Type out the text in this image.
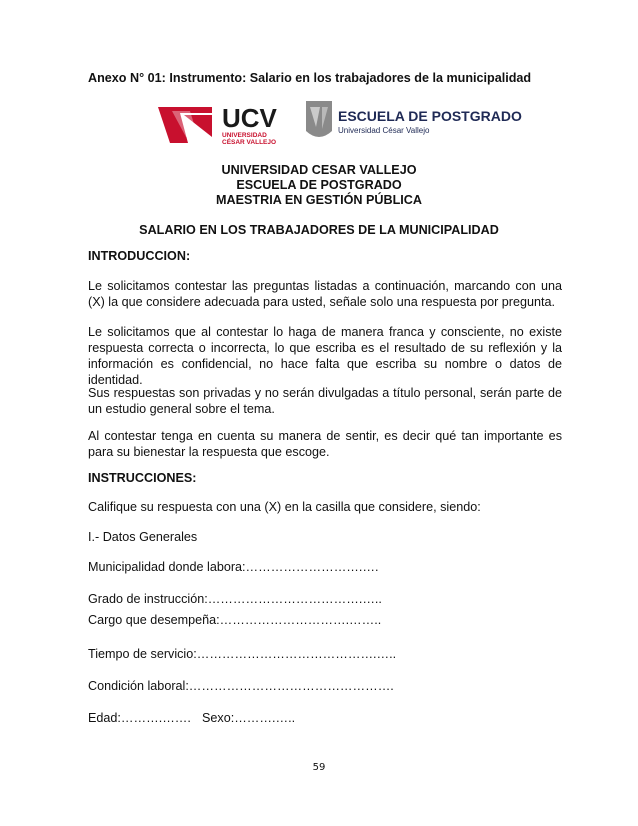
Anexo N° 01: Instrumento: Salario en los trabajadores de la municipalidad
UCV
UNIVERSIDAD
CÉSAR VALLEJO
ESCUELA DE POSTGRADO
Universidad César Vallejo
UNIVERSIDAD CESAR VALLEJO
ESCUELA DE POSTGRADO
MAESTRIA EN GESTIÓN PÚBLICA
SALARIO EN LOS TRABAJADORES DE LA MUNICIPALIDAD
INTRODUCCION:
Le solicitamos contestar las preguntas listadas a continuación, marcando con una (X) la que considere adecuada para usted, señale solo una respuesta por pregunta.
Le solicitamos que al contestar lo haga de manera franca y consciente, no existe respuesta correcta o incorrecta, lo que escriba es el resultado de su reflexión y la información es confidencial, no hace falta que escriba su nombre o datos de identidad.
Sus respuestas son privadas y no serán divulgadas a título personal, serán parte de un estudio general sobre el tema.
Al contestar tenga en cuenta su manera de sentir, es decir qué tan importante es para su bienestar la respuesta que escoge.
INSTRUCCIONES:
Califique su respuesta con una (X) en la casilla que considere, siendo:
I.- Datos Generales
Municipalidad donde labora:……………………….….
Grado de instrucción:……………………………….…..
Cargo que desempeña:………………………….……..
Tiempo de servicio:…………………………………….…..
Condición laboral:………………………………………….
Edad:……….……. Sexo:……….…..
59
